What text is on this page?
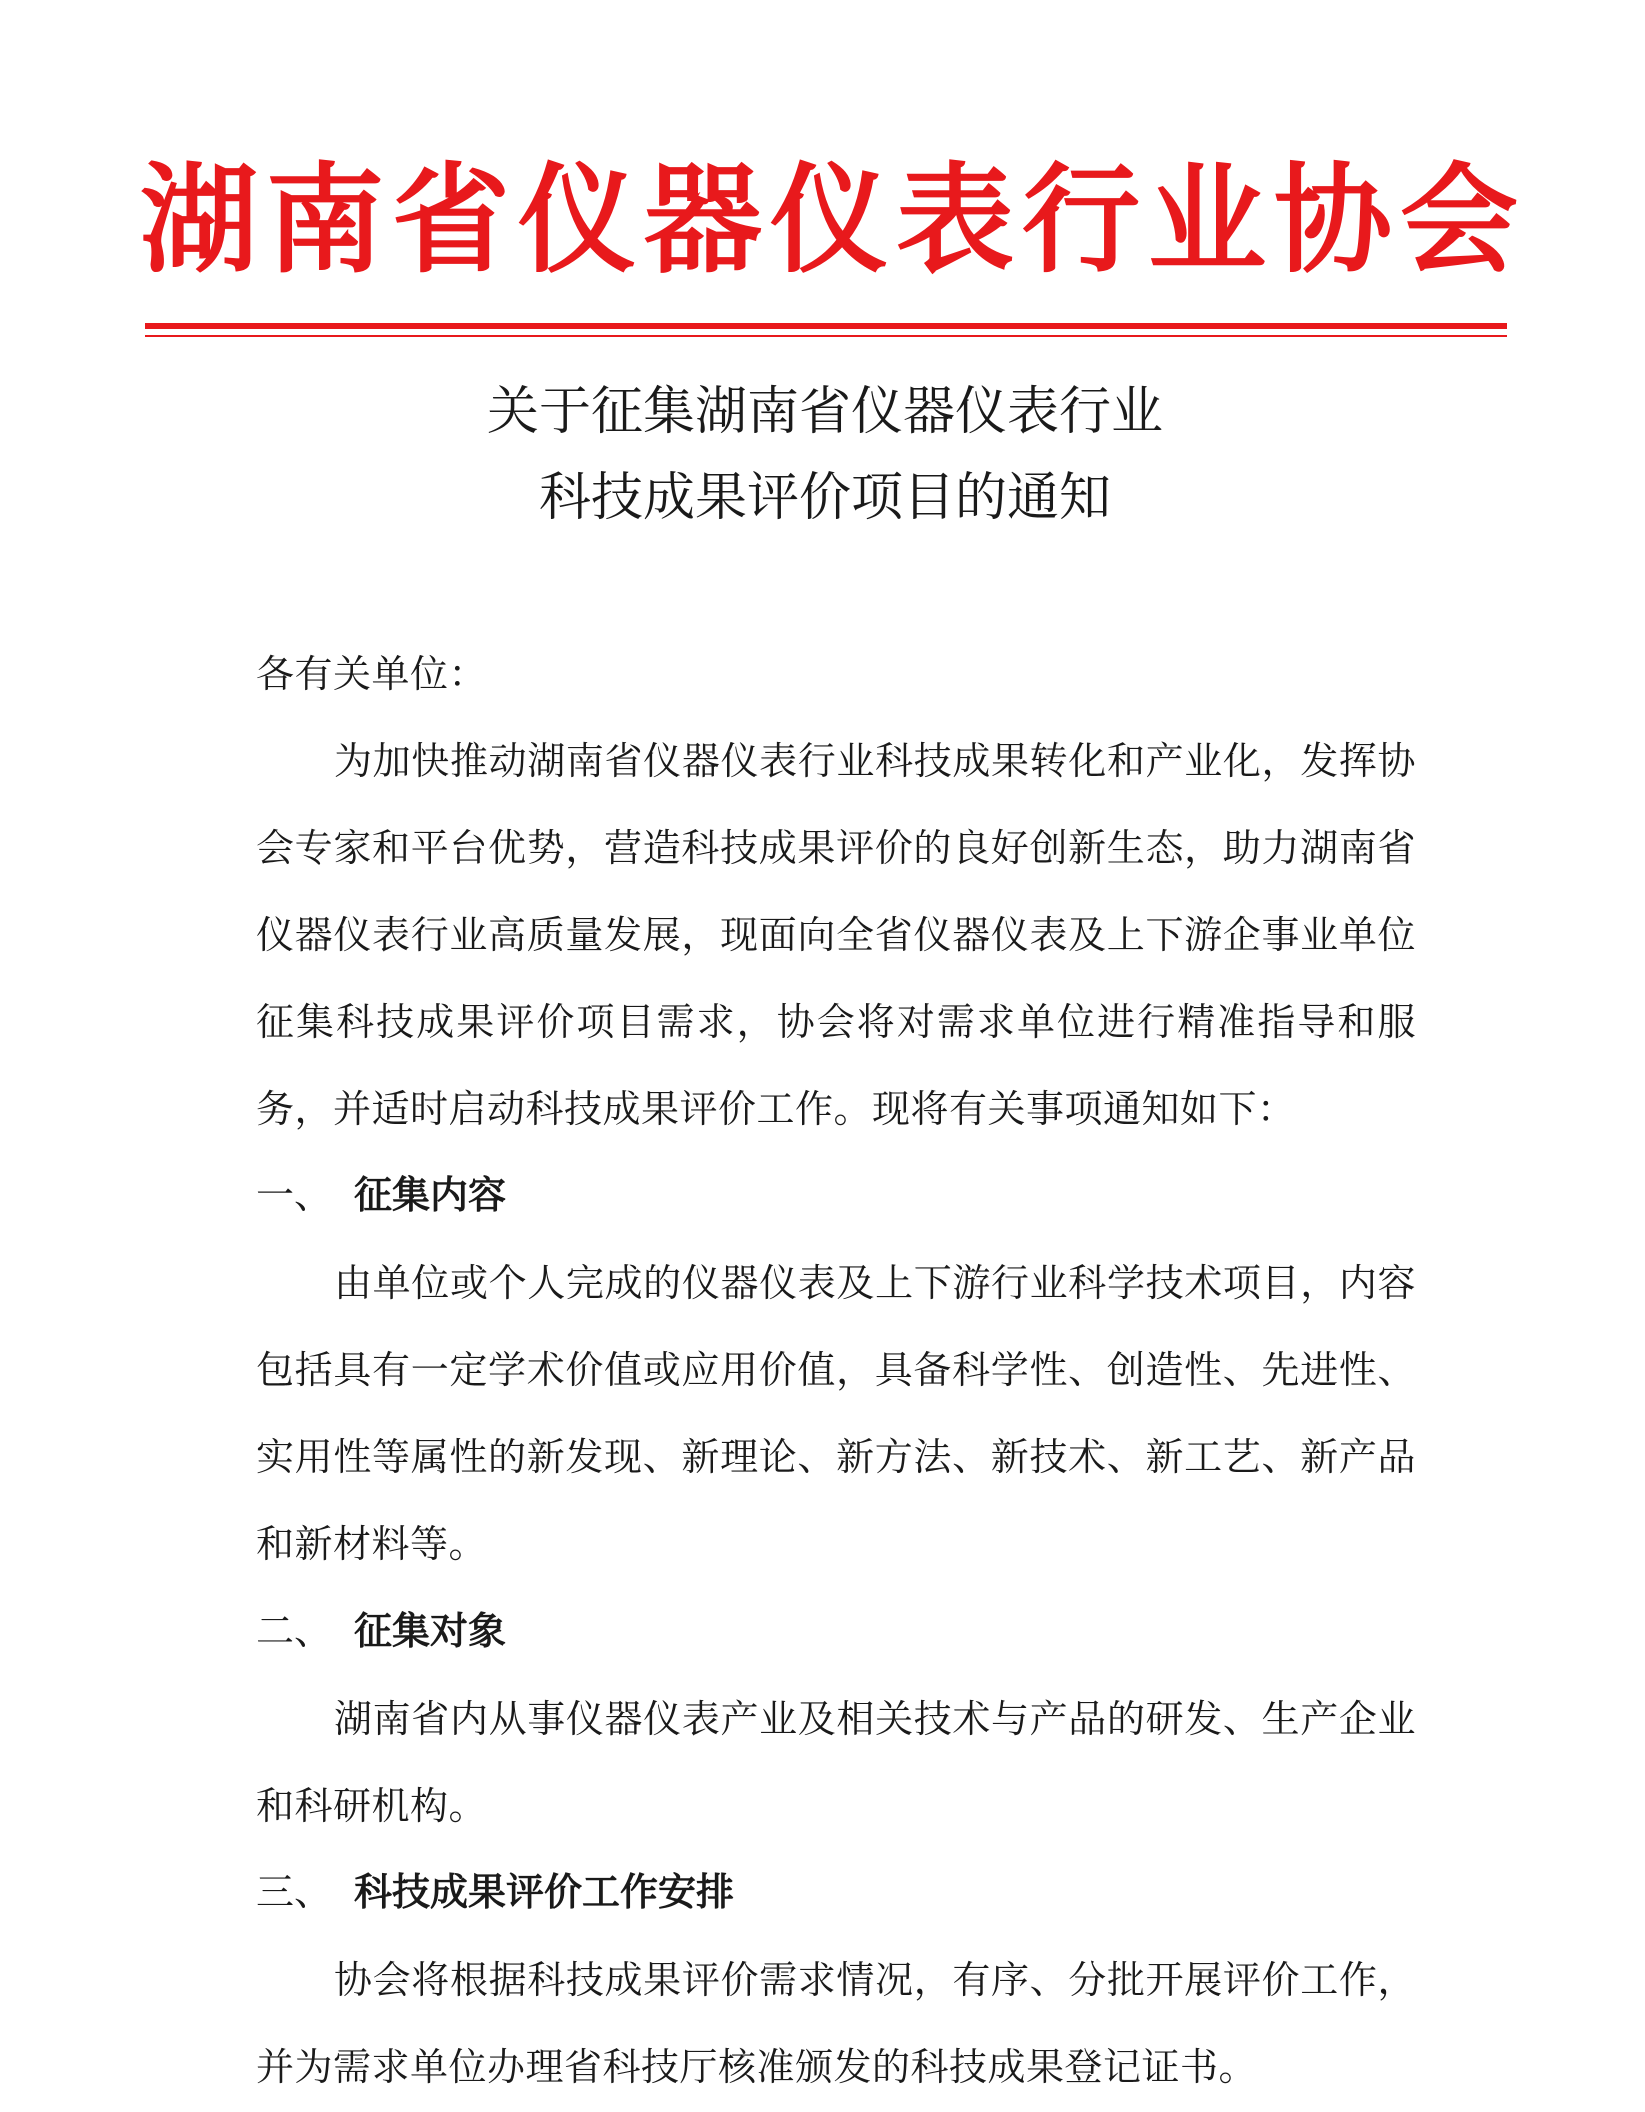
湖南省仪器仪表行业协会
关于征集湖南省仪器仪表行业
科技成果评价项目的通知

各有关单位：

为加快推动湖南省仪器仪表行业科技成果转化和产业化，发挥协会专家和平台优势，营造科技成果评价的良好创新生态，助力湖南省仪器仪表行业高质量发展，现面向全省仪器仪表及上下游企事业单位征集科技成果评价项目需求，协会将对需求单位进行精准指导和服务，并适时启动科技成果评价工作。现将有关事项通知如下：

一、 征集内容

由单位或个人完成的仪器仪表及上下游行业科学技术项目，内容包括具有一定学术价值或应用价值，具备科学性、创造性、先进性、实用性等属性的新发现、新理论、新方法、新技术、新工艺、新产品和新材料等。

二、 征集对象

湖南省内从事仪器仪表产业及相关技术与产品的研发、生产企业和科研机构。

三、 科技成果评价工作安排

协会将根据科技成果评价需求情况，有序、分批开展评价工作，并为需求单位办理省科技厅核准颁发的科技成果登记证书。
